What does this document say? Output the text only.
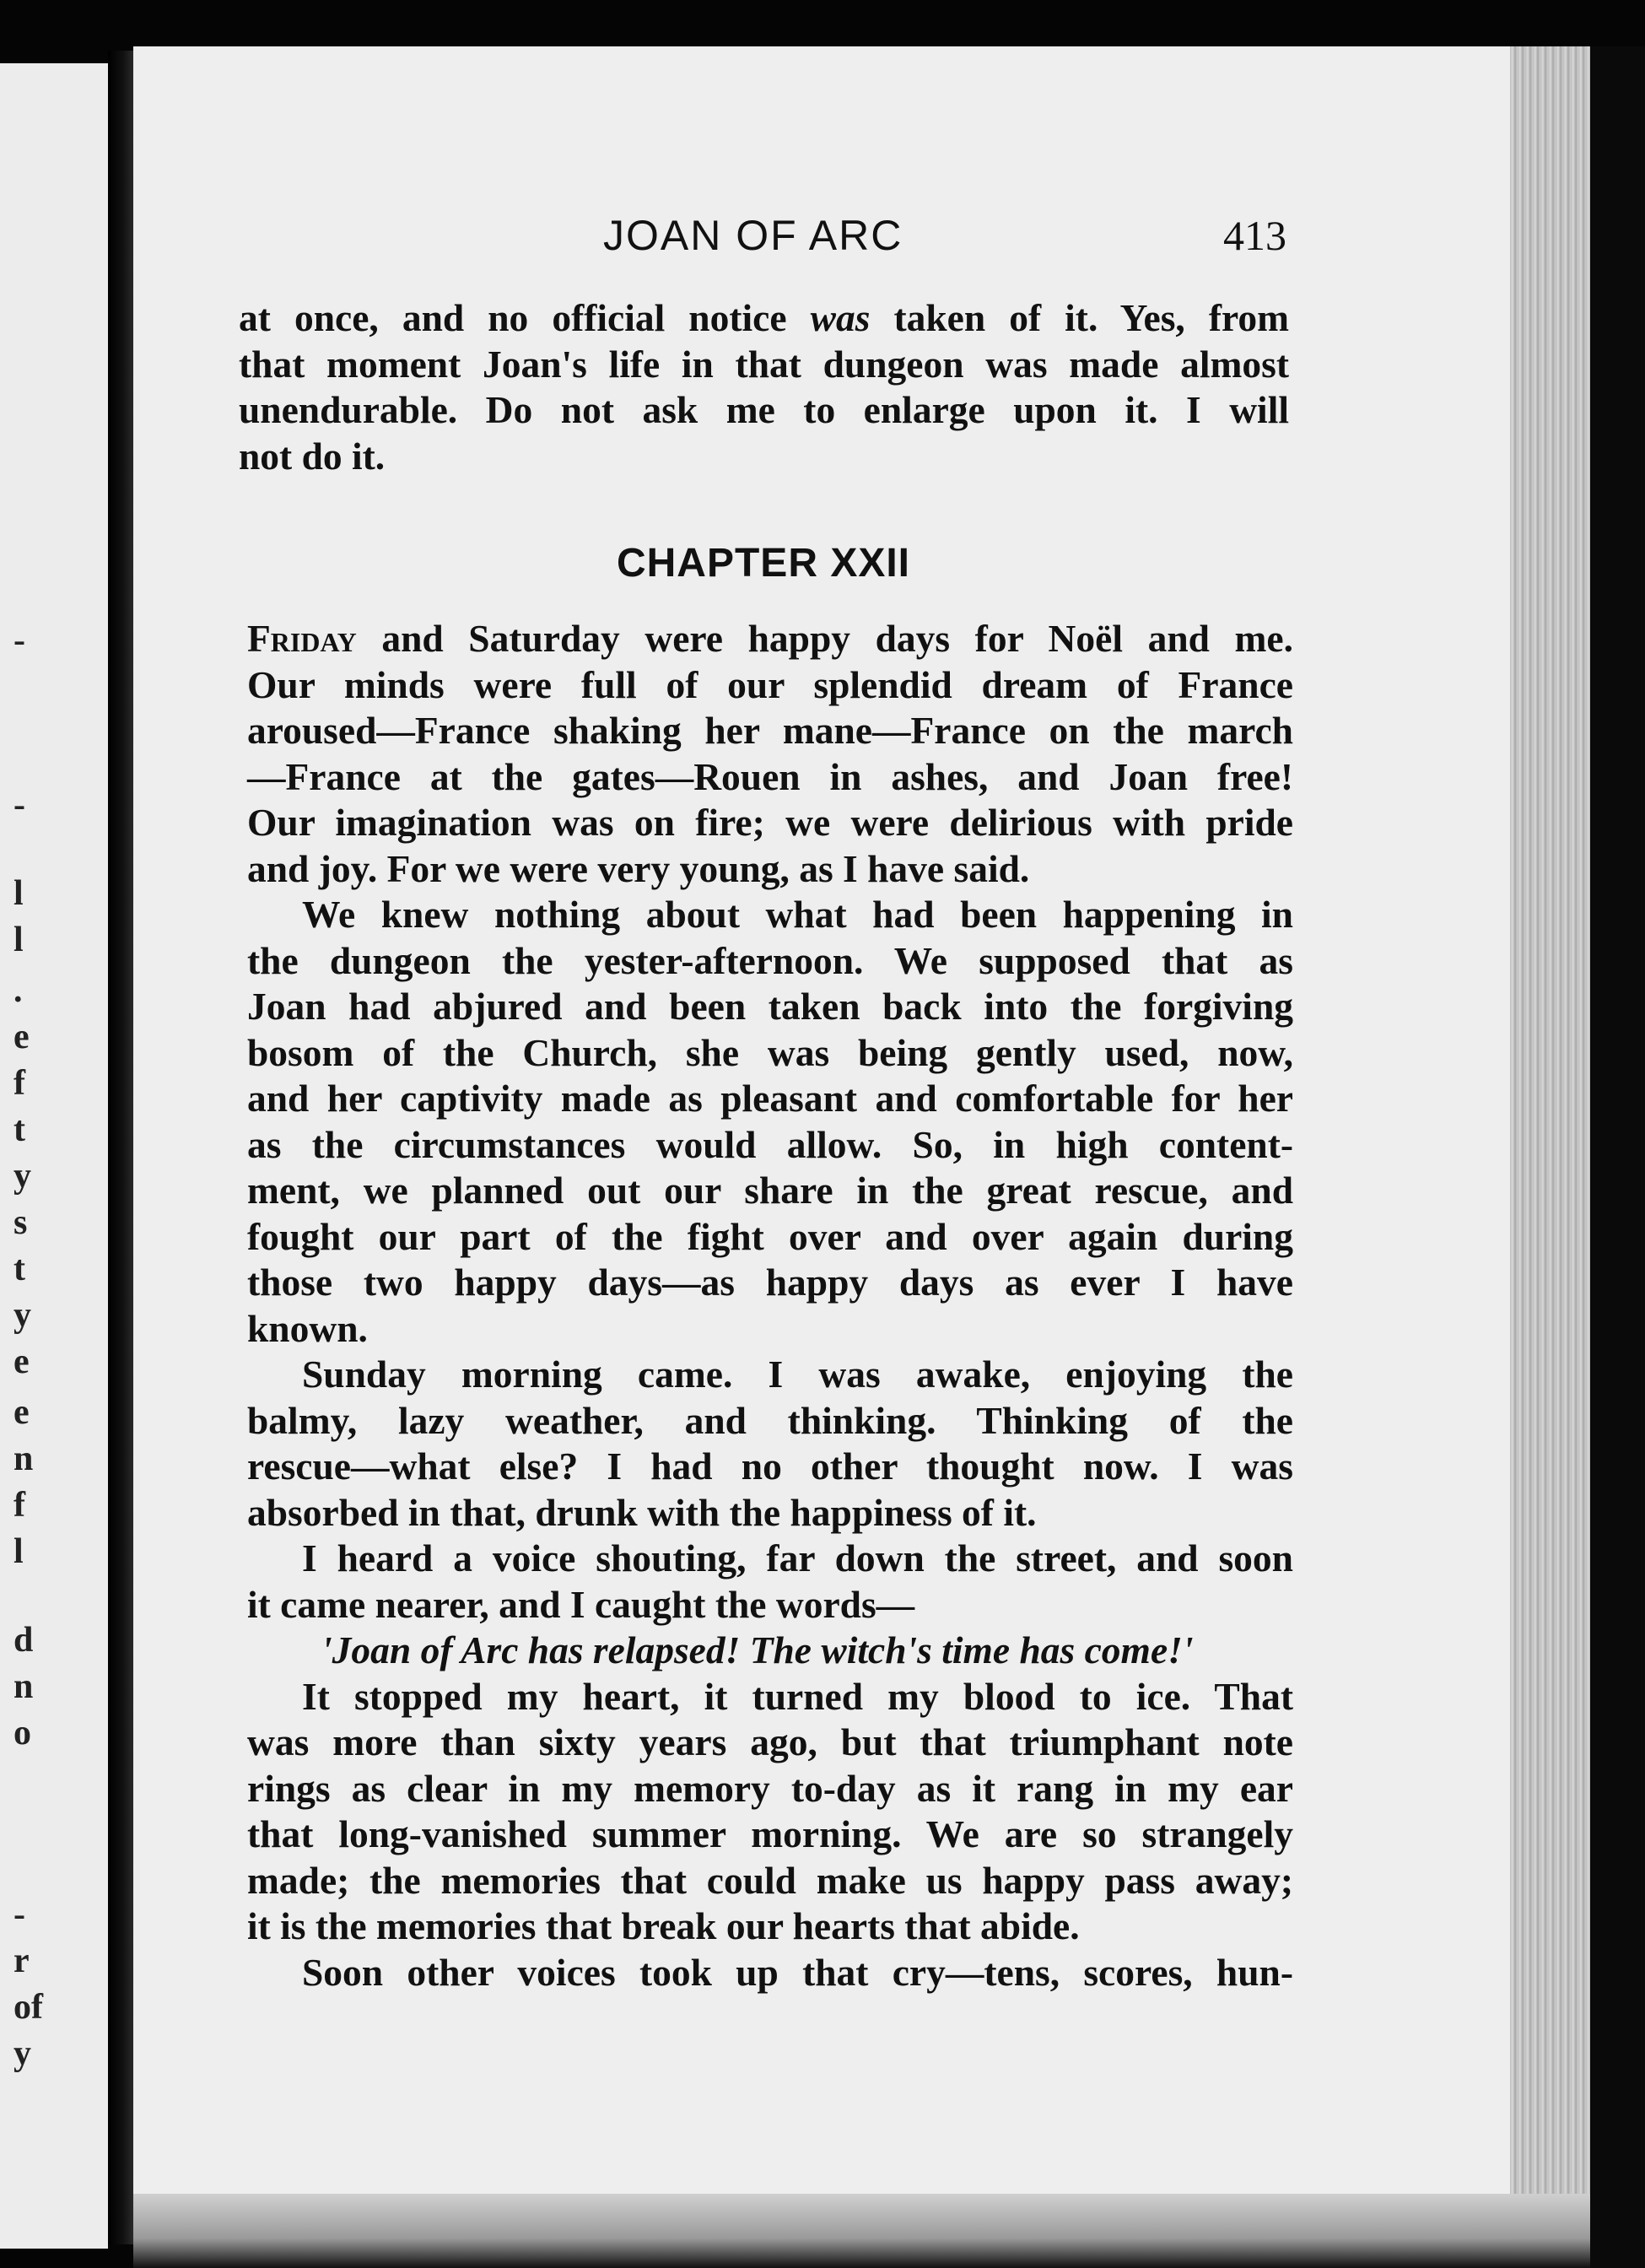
-
-
l
l
.
e
f
t
y
s
t
y
e
e
n
f
l
d
n
o
-
r
of
y
JOAN OF ARC	413
at once, and no official notice was taken of it. Yes, from
that moment Joan's life in that dungeon was made almost
unendurable. Do not ask me to enlarge upon it. I will
not do it.
CHAPTER XXII
Friday and Saturday were happy days for Noël and me.
Our minds were full of our splendid dream of France
aroused—France shaking her mane—France on the march
—France at the gates—Rouen in ashes, and Joan free!
Our imagination was on fire; we were delirious with pride
and joy. For we were very young, as I have said.
We knew nothing about what had been happening in
the dungeon the yester-afternoon. We supposed that as
Joan had abjured and been taken back into the forgiving
bosom of the Church, she was being gently used, now,
and her captivity made as pleasant and comfortable for her
as the circumstances would allow. So, in high content-
ment, we planned out our share in the great rescue, and
fought our part of the fight over and over again during
those two happy days—as happy days as ever I have
known.
Sunday morning came. I was awake, enjoying the
balmy, lazy weather, and thinking. Thinking of the
rescue—what else? I had no other thought now. I was
absorbed in that, drunk with the happiness of it.
I heard a voice shouting, far down the street, and soon
it came nearer, and I caught the words—
'Joan of Arc has relapsed! The witch's time has come!'
It stopped my heart, it turned my blood to ice. That
was more than sixty years ago, but that triumphant note
rings as clear in my memory to-day as it rang in my ear
that long-vanished summer morning. We are so strangely
made; the memories that could make us happy pass away;
it is the memories that break our hearts that abide.
Soon other voices took up that cry—tens, scores, hun-
